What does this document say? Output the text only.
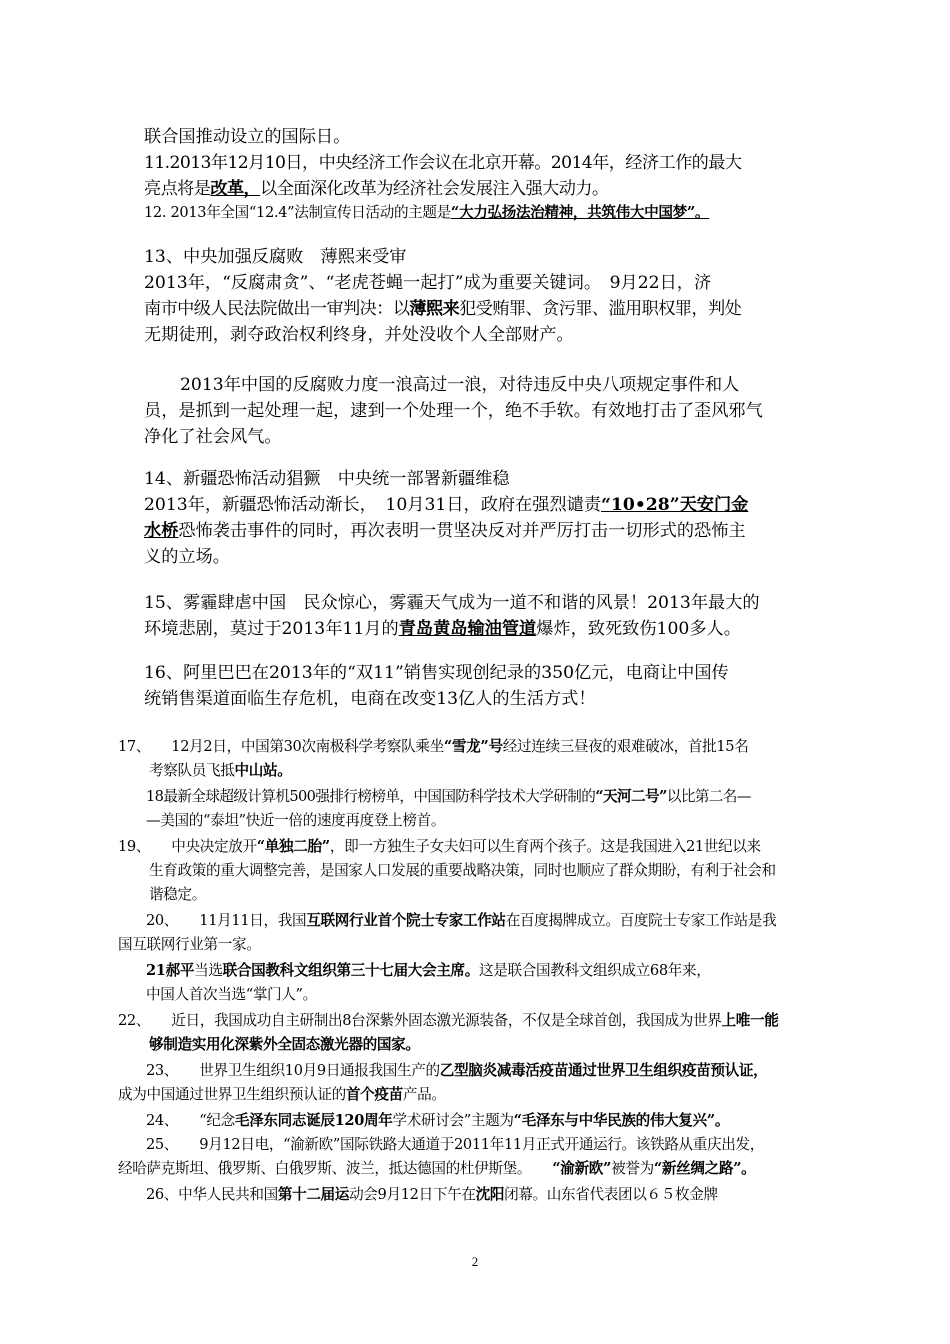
联合国推动设立的国际日。
11.2013年12月10日，中央经济工作会议在北京开幕。2014年，经济工作的最大
亮点将是改革，以全面深化改革为经济社会发展注入强大动力。
12. 2013年全国“12.4”法制宣传日活动的主题是“大力弘扬法治精神，共筑伟大中国梦”。
13、中央加强反腐败　薄熙来受审
2013年，“反腐肃贪”、“老虎苍蝇一起打”成为重要关键词。　9月22日，济
南市中级人民法院做出一审判决：以薄熙来犯受贿罪、贪污罪、滥用职权罪，判处
无期徒刑，剥夺政治权利终身，并处没收个人全部财产。
2013年中国的反腐败力度一浪高过一浪，对待违反中央八项规定事件和人
员，是抓到一起处理一起，逮到一个处理一个，绝不手软。有效地打击了歪风邪气
净化了社会风气。
14、新疆恐怖活动猖獗　中央统一部署新疆维稳
2013年，新疆恐怖活动渐长，　10月31日，政府在强烈谴责“10•28”天安门金
水桥恐怖袭击事件的同时，再次表明一贯坚决反对并严厉打击一切形式的恐怖主
义的立场。
15、雾霾肆虐中国　民众惊心，雾霾天气成为一道不和谐的风景！2013年最大的
环境悲剧，莫过于2013年11月的青岛黄岛输油管道爆炸，致死致伤100多人。
16、阿里巴巴在2013年的“双11”销售实现创纪录的350亿元，电商让中国传
统销售渠道面临生存危机，电商在改变13亿人的生活方式！
17、　　12月2日，中国第30次南极科学考察队乘坐“雪龙”号经过连续三昼夜的艰难破冰，首批15名
考察队员飞抵中山站。
18最新全球超级计算机500强排行榜榜单，中国国防科学技术大学研制的“天河二号”以比第二名—
—美国的“泰坦”快近一倍的速度再度登上榜首。
19、　　中央决定放开“单独二胎”，即一方独生子女夫妇可以生育两个孩子。这是我国进入21世纪以来
生育政策的重大调整完善，是国家人口发展的重要战略决策，同时也顺应了群众期盼，有利于社会和
谐稳定。
20、　　11月11日，我国互联网行业首个院士专家工作站在百度揭牌成立。百度院士专家工作站是我
国互联网行业第一家。
21郝平当选联合国教科文组织第三十七届大会主席。这是联合国教科文组织成立68年来，
中国人首次当选“掌门人”。
22、　　近日，我国成功自主研制出8台深紫外固态激光源装备，不仅是全球首创，我国成为世界上唯一能
够制造实用化深紫外全固态激光器的国家。
23、　　世界卫生组织10月9日通报我国生产的乙型脑炎减毒活疫苗通过世界卫生组织疫苗预认证，
成为中国通过世界卫生组织预认证的首个疫苗产品。
24、　　“纪念毛泽东同志诞辰120周年学术研讨会”主题为“毛泽东与中华民族的伟大复兴”。
25、　　9月12日电，“渝新欧”国际铁路大通道于2011年11月正式开通运行。该铁路从重庆出发，
经哈萨克斯坦、俄罗斯、白俄罗斯、波兰，抵达德国的杜伊斯堡。　　“渝新欧”被誉为“新丝绸之路”。
26、中华人民共和国第十二届运动会9月12日下午在沈阳闭幕。山东省代表团以６５枚金牌
2
